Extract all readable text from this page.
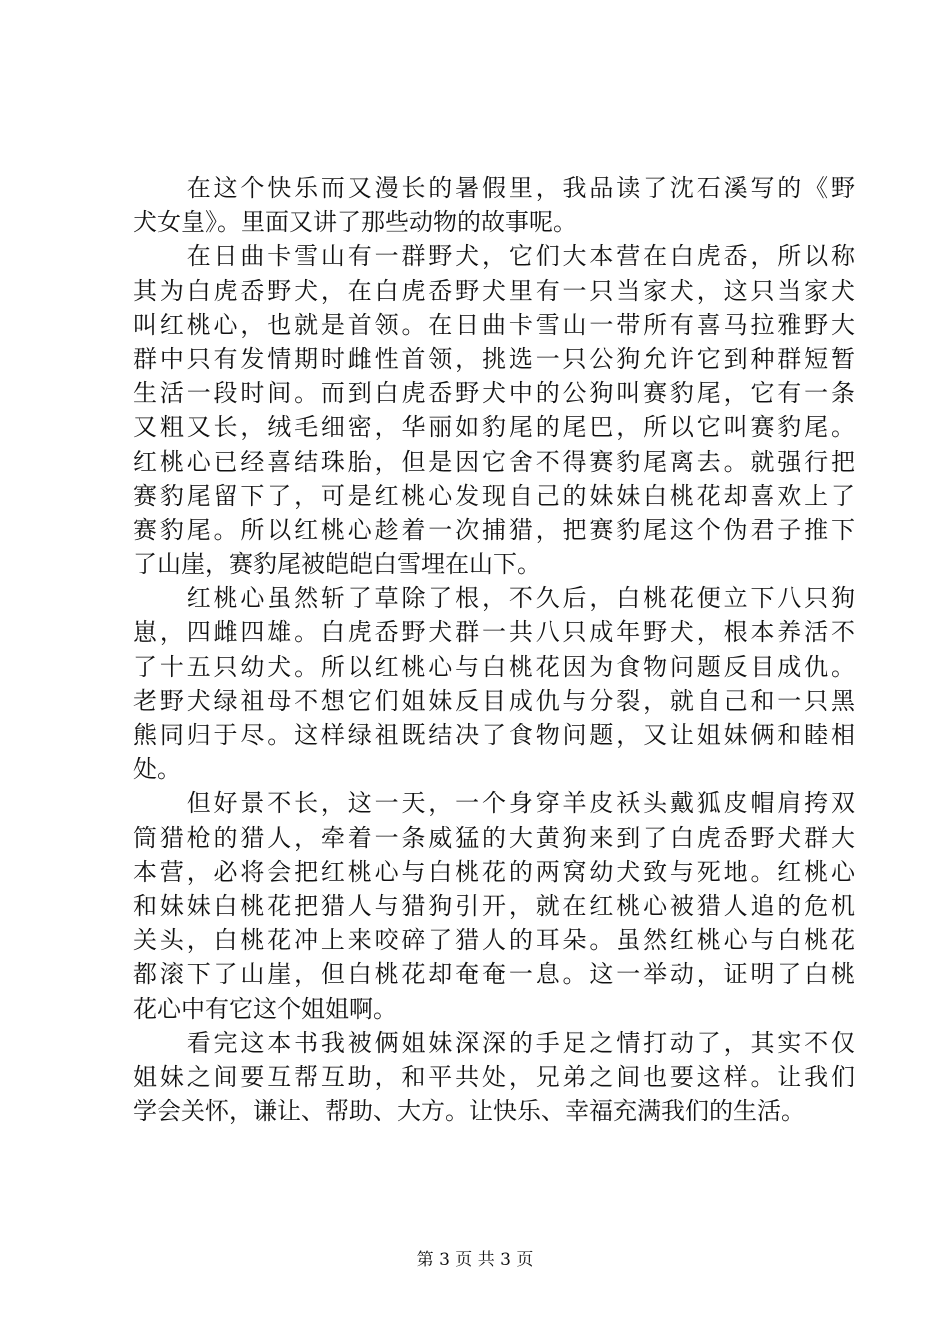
　　在这个快乐而又漫长的暑假里，我品读了沈石溪写的《野
犬女皇》。里面又讲了那些动物的故事呢。
　　在日曲卡雪山有一群野犬，它们大本营在白虎岙，所以称
其为白虎岙野犬，在白虎岙野犬里有一只当家犬，这只当家犬
叫红桃心，也就是首领。在日曲卡雪山一带所有喜马拉雅野大
群中只有发情期时雌性首领，挑选一只公狗允许它到种群短暂
生活一段时间。而到白虎岙野犬中的公狗叫赛豹尾，它有一条
又粗又长，绒毛细密，华丽如豹尾的尾巴，所以它叫赛豹尾。
红桃心已经喜结珠胎，但是因它舍不得赛豹尾离去。就强行把
赛豹尾留下了，可是红桃心发现自己的妹妹白桃花却喜欢上了
赛豹尾。所以红桃心趁着一次捕猎，把赛豹尾这个伪君子推下
了山崖，赛豹尾被皑皑白雪埋在山下。
　　红桃心虽然斩了草除了根，不久后，白桃花便立下八只狗
崽，四雌四雄。白虎岙野犬群一共八只成年野犬，根本养活不
了十五只幼犬。所以红桃心与白桃花因为食物问题反目成仇。
老野犬绿祖母不想它们姐妹反目成仇与分裂，就自己和一只黑
熊同归于尽。这样绿祖既结决了食物问题，又让姐妹俩和睦相
处。
　　但好景不长，这一天，一个身穿羊皮袄头戴狐皮帽肩挎双
筒猎枪的猎人，牵着一条威猛的大黄狗来到了白虎岙野犬群大
本营，必将会把红桃心与白桃花的两窝幼犬致与死地。红桃心
和妹妹白桃花把猎人与猎狗引开，就在红桃心被猎人追的危机
关头，白桃花冲上来咬碎了猎人的耳朵。虽然红桃心与白桃花
都滚下了山崖，但白桃花却奄奄一息。这一举动，证明了白桃
花心中有它这个姐姐啊。
　　看完这本书我被俩姐妹深深的手足之情打动了，其实不仅
姐妹之间要互帮互助，和平共处，兄弟之间也要这样。让我们
学会关怀，谦让、帮助、大方。让快乐、幸福充满我们的生活。
第 3 页 共 3 页
